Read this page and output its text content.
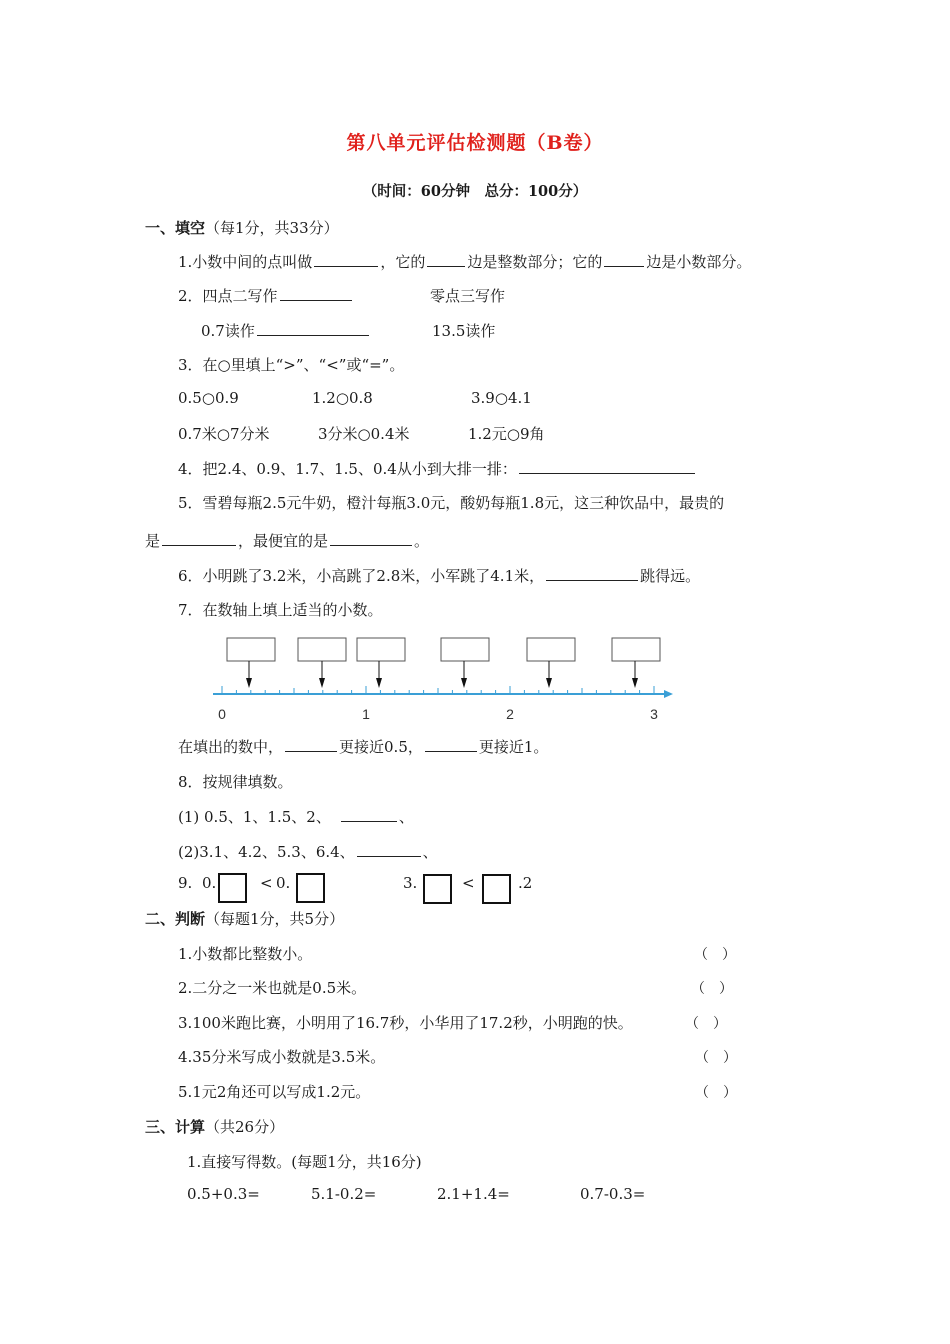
第八单元评估检测题（B卷）
（时间：60分钟　总分：100分）
一、填空（每1分，共33分）
1.小数中间的点叫做	，它的	边是整数部分；它的	边是小数部分。
2．四点二写作	零点三写作
0.7读作	13.5读作
3．在○里填上“>”、“<”或“=”。
0.5○0.9	1.2○0.8	3.9○4.1
0.7米○7分米	3分米○0.4米	1.2元○9角
4．把2.4、0.9、1.7、1.5、0.4从小到大排一排：
5．雪碧每瓶2.5元牛奶，橙汁每瓶3.0元，酸奶每瓶1.8元，这三种饮品中，最贵的
是	，最便宜的是	。
6．小明跳了3.2米，小高跳了2.8米，小军跳了4.1米，	跳得远。
7．在数轴上填上适当的小数。
0	1	2	3
在填出的数中，	更接近0.5，	更接近1。
8．按规律填数。
(1) 0.5、1、1.5、2、	、
(2)3.1、4.2、5.3、6.4、	、
9. 0.	< 0.	3.	<	.2
二、判断（每题1分，共5分）
1.小数都比整数小。	（　）
2.二分之一米也就是0.5米。	（　）
3.100米跑比赛，小明用了16.7秒，小华用了17.2秒，小明跑的快。	（　）
4.35分米写成小数就是3.5米。	（　）
5.1元2角还可以写成1.2元。	（　）
三、计算（共26分）
1.直接写得数。(每题1分，共16分)
0.5+0.3=	5.1-0.2=	2.1+1.4=	0.7-0.3=
